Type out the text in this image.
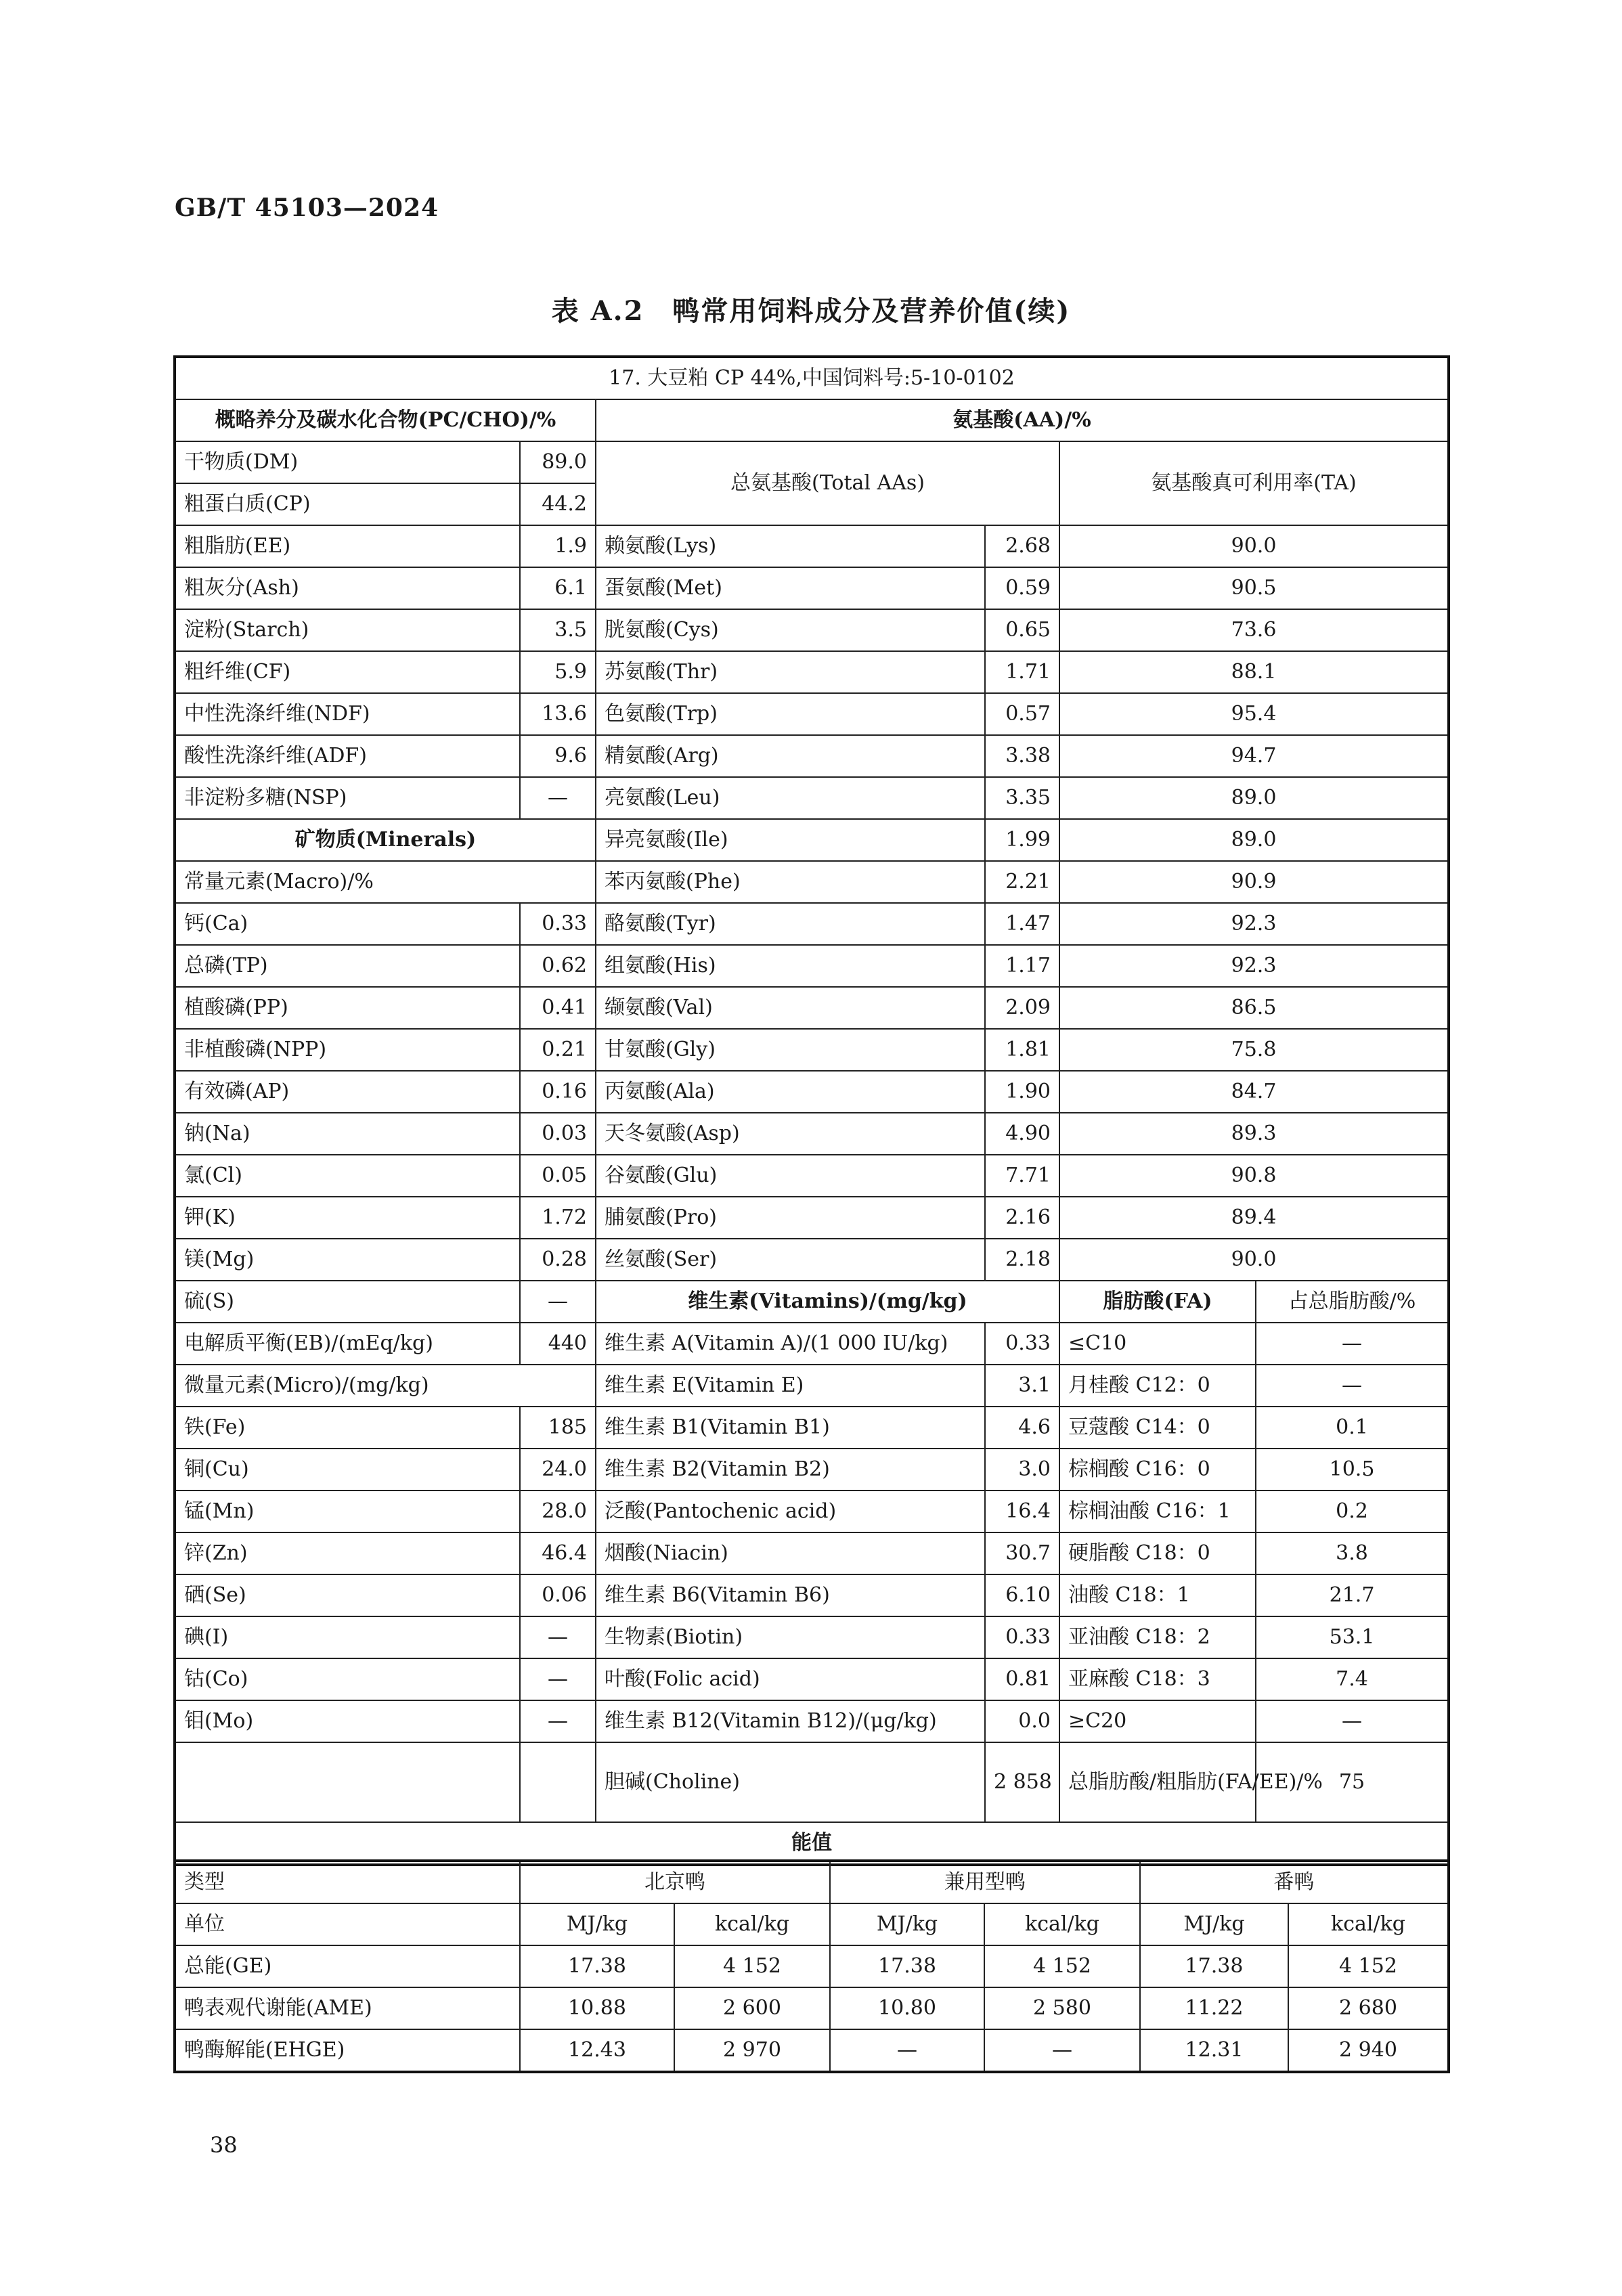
GB/T 45103—2024
表 A.2　鸭常用饲料成分及营养价值(续)
17. 大豆粕 CP 44%,中国饲料号:5-10-0102					
概略养分及碳水化合物(PC/CHO)/%		氨基酸(AA)/%			
干物质(DM)	89.0	总氨基酸(Total AAs)		氨基酸真可利用率(TA)	
粗蛋白质(CP)	44.2				
粗脂肪(EE)	1.9	赖氨酸(Lys)	2.68	90.0	
粗灰分(Ash)	6.1	蛋氨酸(Met)	0.59	90.5	
淀粉(Starch)	3.5	胱氨酸(Cys)	0.65	73.6	
粗纤维(CF)	5.9	苏氨酸(Thr)	1.71	88.1	
中性洗涤纤维(NDF)	13.6	色氨酸(Trp)	0.57	95.4	
酸性洗涤纤维(ADF)	9.6	精氨酸(Arg)	3.38	94.7	
非淀粉多糖(NSP)	—	亮氨酸(Leu)	3.35	89.0	
矿物质(Minerals)		异亮氨酸(Ile)	1.99	89.0	
常量元素(Macro)/%		苯丙氨酸(Phe)	2.21	90.9	
钙(Ca)	0.33	酪氨酸(Tyr)	1.47	92.3	
总磷(TP)	0.62	组氨酸(His)	1.17	92.3	
植酸磷(PP)	0.41	缬氨酸(Val)	2.09	86.5	
非植酸磷(NPP)	0.21	甘氨酸(Gly)	1.81	75.8	
有效磷(AP)	0.16	丙氨酸(Ala)	1.90	84.7	
钠(Na)	0.03	天冬氨酸(Asp)	4.90	89.3	
氯(Cl)	0.05	谷氨酸(Glu)	7.71	90.8	
钾(K)	1.72	脯氨酸(Pro)	2.16	89.4	
镁(Mg)	0.28	丝氨酸(Ser)	2.18	90.0	
硫(S)	—	维生素(Vitamins)/(mg/kg)		脂肪酸(FA)	占总脂肪酸/%
电解质平衡(EB)/(mEq/kg)	440	维生素 A(Vitamin A)/(1 000 IU/kg)	0.33	≤C10	—
微量元素(Micro)/(mg/kg)		维生素 E(Vitamin E)	3.1	月桂酸 C12：0	—
铁(Fe)	185	维生素 B1(Vitamin B1)	4.6	豆蔻酸 C14：0	0.1
铜(Cu)	24.0	维生素 B2(Vitamin B2)	3.0	棕榈酸 C16：0	10.5
锰(Mn)	28.0	泛酸(Pantochenic acid)	16.4	棕榈油酸 C16：1	0.2
锌(Zn)	46.4	烟酸(Niacin)	30.7	硬脂酸 C18：0	3.8
硒(Se)	0.06	维生素 B6(Vitamin B6)	6.10	油酸 C18：1	21.7
碘(I)	—	生物素(Biotin)	0.33	亚油酸 C18：2	53.1
钴(Co)	—	叶酸(Folic acid)	0.81	亚麻酸 C18：3	7.4
钼(Mo)	—	维生素 B12(Vitamin B12)/(μg/kg)	0.0	≥C20	—
		胆碱(Choline)	2 858	总脂肪酸/粗脂肪(FA/EE)/%	75
能值					
类型	北京鸭		兼用型鸭		番鸭	
单位	MJ/kg	kcal/kg	MJ/kg	kcal/kg	MJ/kg	kcal/kg
总能(GE)	17.38	4 152	17.38	4 152	17.38	4 152
鸭表观代谢能(AME)	10.88	2 600	10.80	2 580	11.22	2 680
鸭酶解能(EHGE)	12.43	2 970	—	—	12.31	2 940
38
